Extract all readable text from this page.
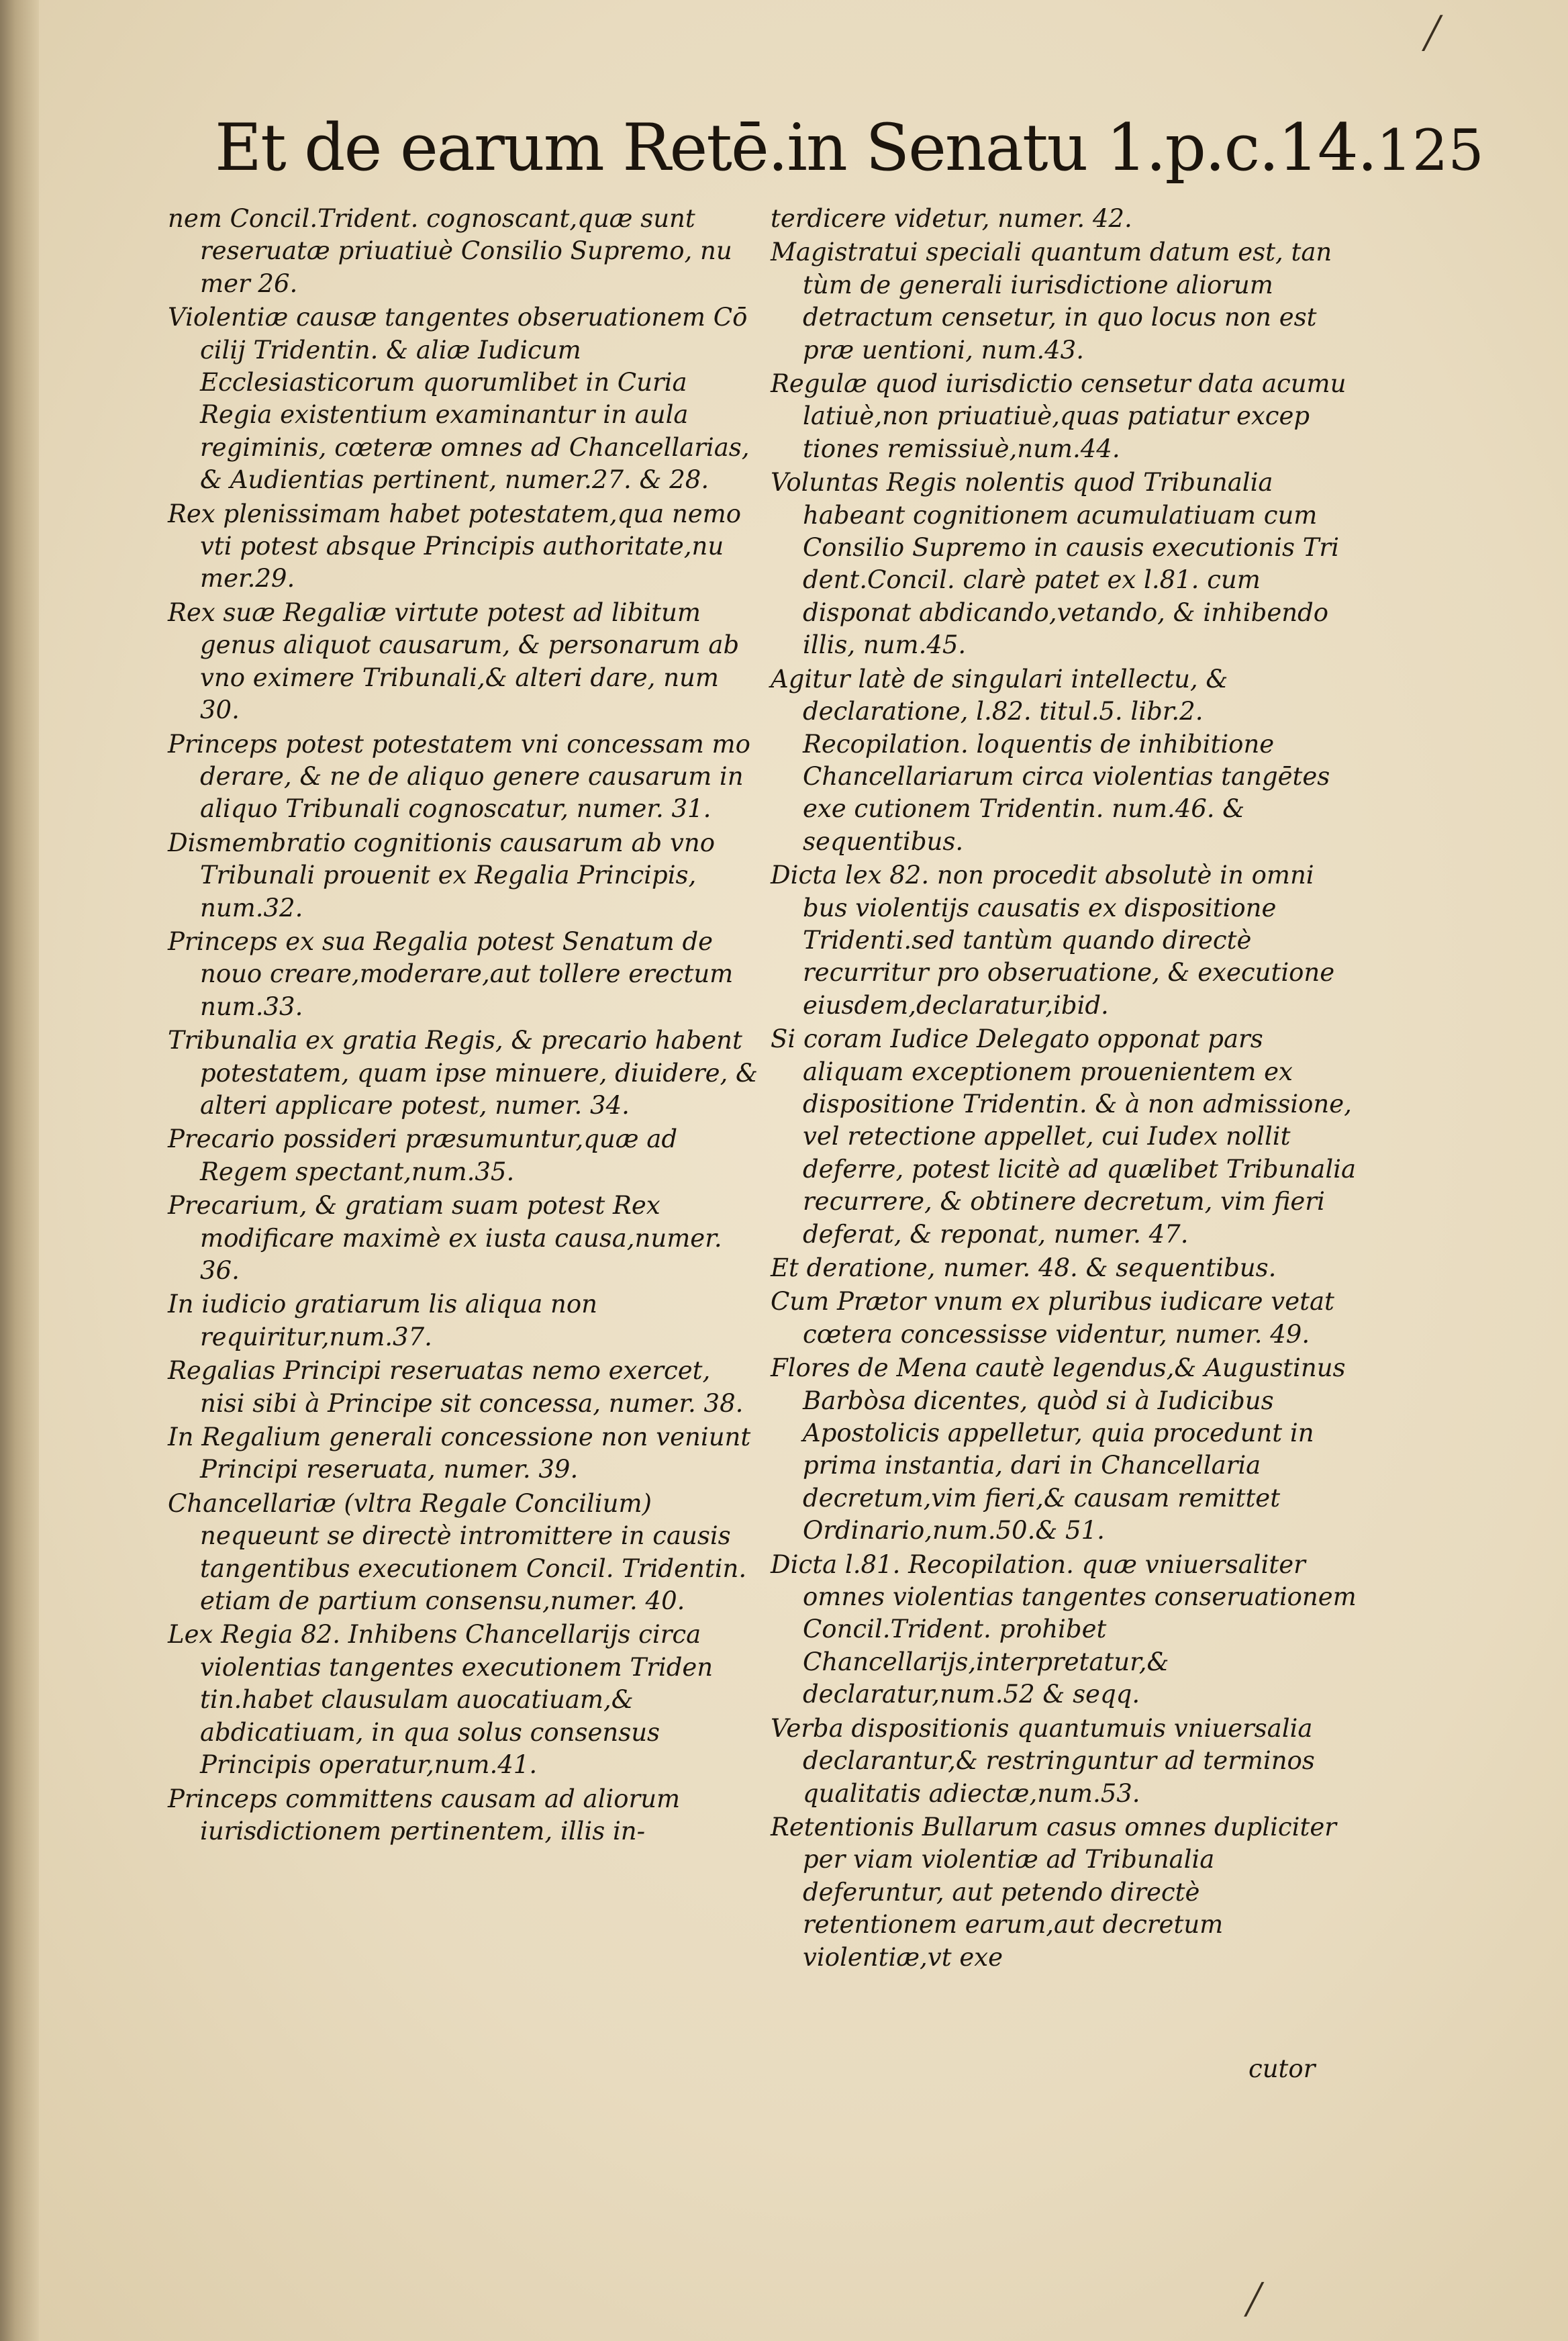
Et de earum Retē.in Senatu 1.p.c.14. 125

nem Concil.Trident. cognoscant,quæ sunt reseruatæ priuatiuè Consilio Supremo, nu mer 26.

Violentiæ causæ tangentes obseruationem Cō cilij Tridentin. & aliæ Iudicum Ecclesiasticorum quorumlibet in Curia Regia existentium examinantur in aula regiminis, cœteræ omnes ad Chancellarias, & Audientias pertinent, numer.27. & 28.

Rex plenissimam habet potestatem,qua nemo vti potest absque Principis authoritate,nu mer.29.

Rex suæ Regaliæ virtute potest ad libitum genus aliquot causarum, & personarum ab vno eximere Tribunali,& alteri dare, num 30.

Princeps potest potestatem vni concessam mo derare, & ne de aliquo genere causarum in aliquo Tribunali cognoscatur, numer. 31.

Dismembratio cognitionis causarum ab vno Tribunali prouenit ex Regalia Principis, num.32.

Princeps ex sua Regalia potest Senatum de nouo creare,moderare,aut tollere erectum num.33.

Tribunalia ex gratia Regis, & precario habent potestatem, quam ipse minuere, diuidere, & alteri applicare potest, numer. 34.

Precario possideri præsumuntur,quæ ad Regem spectant,num.35.

Precarium, & gratiam suam potest Rex modificare maximè ex iusta causa,numer. 36.

In iudicio gratiarum lis aliqua non requiritur,num.37.

Regalias Principi reseruatas nemo exercet, nisi sibi à Principe sit concessa, numer. 38.

In Regalium generali concessione non veniunt Principi reseruata, numer. 39.

Chancellariæ (vltra Regale Concilium) nequeunt se directè intromittere in causis tangentibus executionem Concil. Tridentin. etiam de partium consensu,numer. 40.

Lex Regia 82. Inhibens Chancellarijs circa violentias tangentes executionem Triden tin.habet clausulam auocatiuam,& abdicatiuam, in qua solus consensus Principis operatur,num.41.

Princeps committens causam ad aliorum iurisdictionem pertinentem, illis in-

terdicere videtur, numer. 42.

Magistratui speciali quantum datum est, tan tùm de generali iurisdictione aliorum detractum censetur, in quo locus non est præ uentioni, num.43.

Regulæ quod iurisdictio censetur data acumu latiuè,non priuatiuè,quas patiatur excep tiones remissiuè,num.44.

Voluntas Regis nolentis quod Tribunalia habeant cognitionem acumulatiuam cum Consilio Supremo in causis executionis Tri dent.Concil. clarè patet ex l.81. cum disponat abdicando,vetando, & inhibendo illis, num.45.

Agitur latè de singulari intellectu, & declaratione, l.82. titul.5. libr.2. Recopilation. loquentis de inhibitione Chancellariarum circa violentias tangētes exe cutionem Tridentin. num.46. & sequentibus.

Dicta lex 82. non procedit absolutè in omni bus violentijs causatis ex dispositione Tridenti.sed tantùm quando directè recurritur pro obseruatione, & executione eiusdem,declaratur,ibid.

Si coram Iudice Delegato opponat pars aliquam exceptionem prouenientem ex dispositione Tridentin. & à non admissione, vel retectione appellet, cui Iudex nollit deferre, potest licitè ad quælibet Tribunalia recurrere, & obtinere decretum, vim fieri deferat, & reponat, numer. 47.

Et deratione, numer. 48. & sequentibus.

Cum Prætor vnum ex pluribus iudicare vetat cœtera concessisse videntur, numer. 49.

Flores de Mena cautè legendus,& Augustinus Barbòsa dicentes, quòd si à Iudicibus Apostolicis appelletur, quia procedunt in prima instantia, dari in Chancellaria decretum,vim fieri,& causam remittet Ordinario,num.50.& 51.

Dicta l.81. Recopilation. quæ vniuersaliter omnes violentias tangentes conseruationem Concil.Trident. prohibet Chancellarijs,interpretatur,& declaratur,num.52 & seqq.

Verba dispositionis quantumuis vniuersalia declarantur,& restringuntur ad terminos qualitatis adiectæ,num.53.

Retentionis Bullarum casus omnes dupliciter per viam violentiæ ad Tribunalia deferuntur, aut petendo directè retentionem earum,aut decretum violentiæ,vt exe

cutor
╱
╱
